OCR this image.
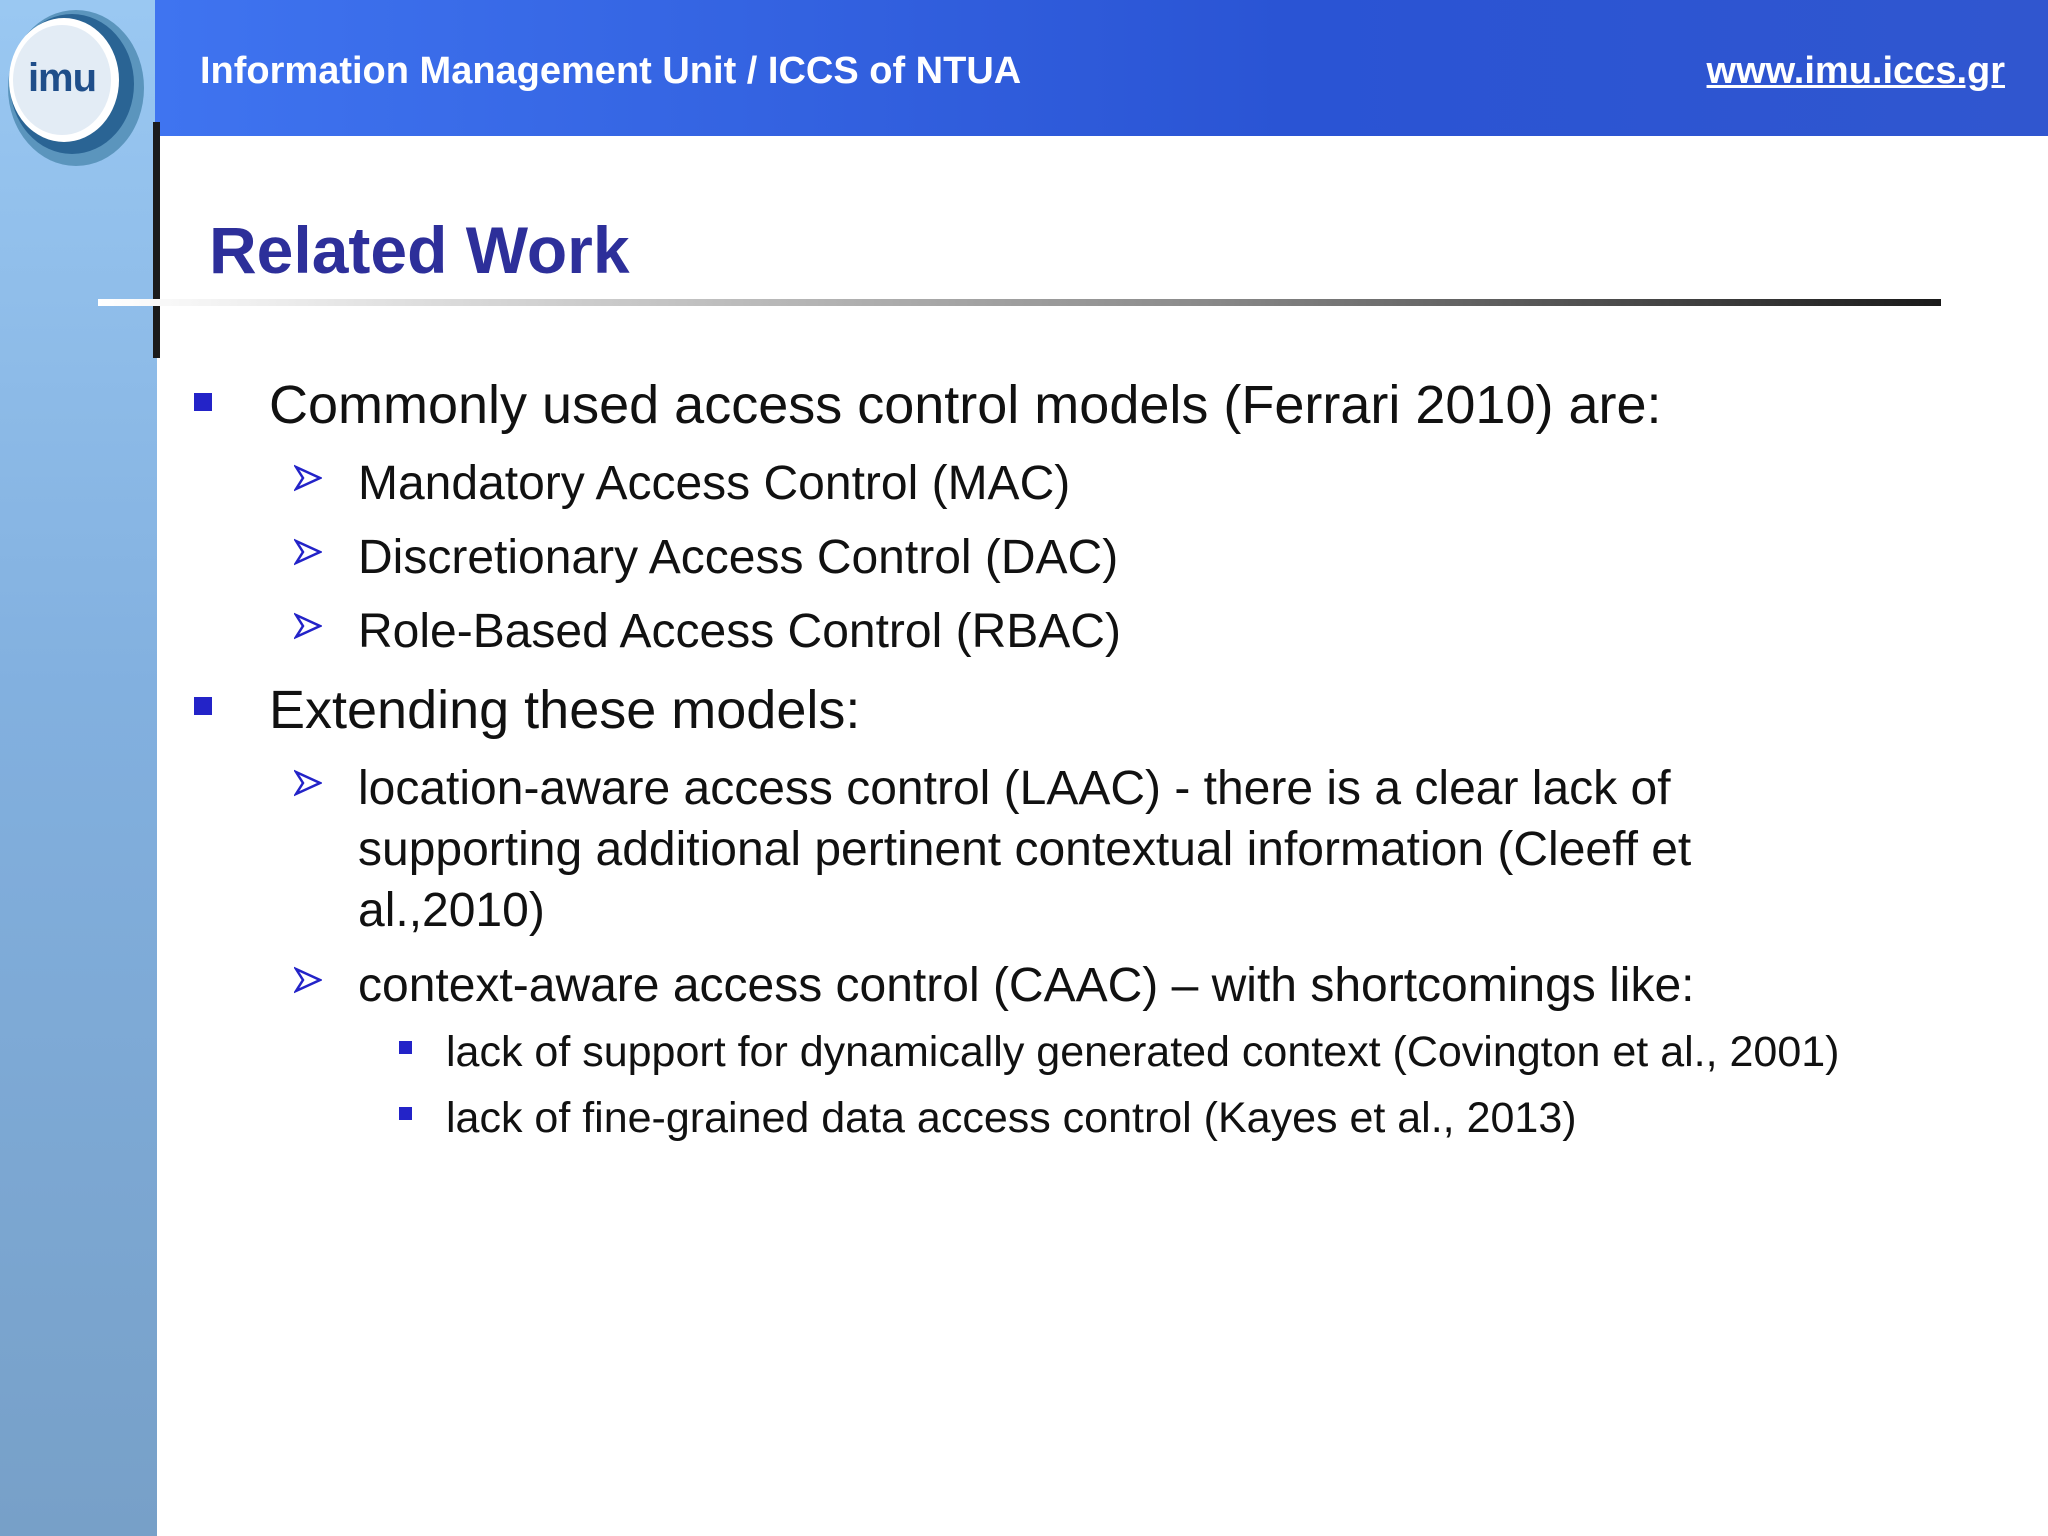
Information Management Unit / ICCS of NTUA	www.imu.iccs.gr
imu
Related Work
Commonly used access control models (Ferrari 2010) are:
Mandatory Access Control (MAC)
Discretionary Access Control (DAC)
Role-Based Access Control (RBAC)
Extending these models:
location-aware access control (LAAC) - there is a clear lack of
supporting additional pertinent contextual information (Cleeff et
al.,2010)
context-aware access control (CAAC) – with shortcomings like:
lack of support for dynamically generated context (Covington et al., 2001)
lack of fine-grained data access control (Kayes et al., 2013)
